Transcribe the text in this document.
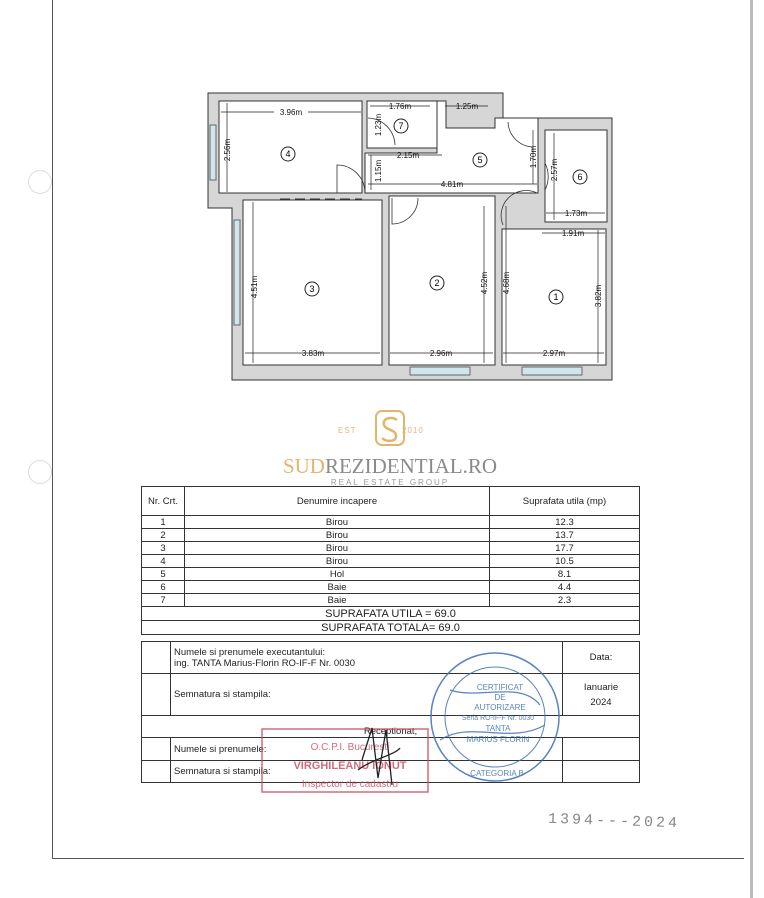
4
7
5
6
3
2
1
3.96m
2.56m
1.76m
1.23m
1.25m
2.15m
1.15m
4.81m
1.70m
2.57m
1.73m
1.91m
4.51m	4.52m 4.68m
3.82m
3.83m	2.96m	2.97m
EST	2010
SUDREZIDENTIAL.RO
REAL ESTATE GROUP
Nr. Crt.	Denumire incapere	Suprafata utila (mp)
1	Birou	12.3
2	Birou	13.7
3	Birou	17.7
4	Birou	10.5
5	Hol	8.1
6	Baie	4.4
7	Baie	2.3
SUPRAFATA UTILA = 69.0		
SUPRAFATA TOTALA= 69.0		

	Numele si prenumele executantului:
ing. TANTA Marius-Florin RO-IF-F Nr. 0030	Data:
	Semnatura si stampila:	Ianuarie
2024

Receptionat,		
	Numele si prenumele:	
	Semnatura si stampila:	
CERTIFICAT
DE
AUTORIZARE
Seria RO-IF-F Nr. 0030
TANTA
MARIUS FLORIN
CATEGORIA B
O.C.P.I. Bucuresti
VIRGHILEANU IONUT
Inspector de cadastru
1394---2024
